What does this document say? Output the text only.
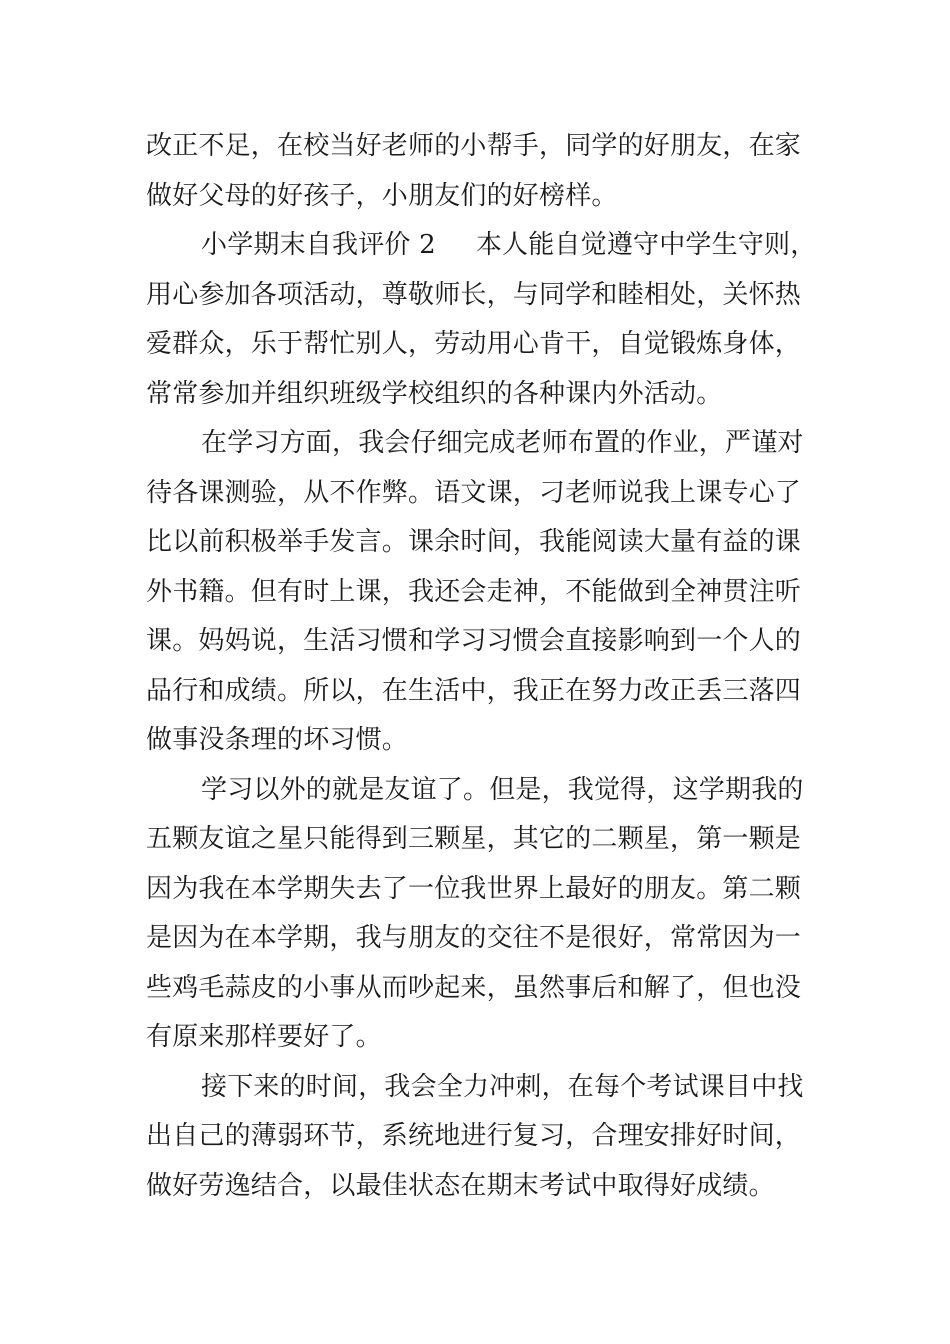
改正不足，在校当好老师的小帮手，同学的好朋友，在家
做好父母的好孩子，小朋友们的好榜样。
小学期末自我评价 2 本人能自觉遵守中学生守则，
用心参加各项活动，尊敬师长，与同学和睦相处，关怀热
爱群众，乐于帮忙别人，劳动用心肯干，自觉锻炼身体，
常常参加并组织班级学校组织的各种课内外活动。
在学习方面，我会仔细完成老师布置的作业，严谨对
待各课测验，从不作弊。语文课，刁老师说我上课专心了
比以前积极举手发言。课余时间，我能阅读大量有益的课
外书籍。但有时上课，我还会走神，不能做到全神贯注听
课。妈妈说，生活习惯和学习习惯会直接影响到一个人的
品行和成绩。所以，在生活中，我正在努力改正丢三落四
做事没条理的坏习惯。
学习以外的就是友谊了。但是，我觉得，这学期我的
五颗友谊之星只能得到三颗星，其它的二颗星，第一颗是
因为我在本学期失去了一位我世界上最好的朋友。第二颗
是因为在本学期，我与朋友的交往不是很好，常常因为一
些鸡毛蒜皮的小事从而吵起来，虽然事后和解了，但也没
有原来那样要好了。
接下来的时间，我会全力冲刺，在每个考试课目中找
出自己的薄弱环节，系统地进行复习，合理安排好时间，
做好劳逸结合，以最佳状态在期末考试中取得好成绩。
